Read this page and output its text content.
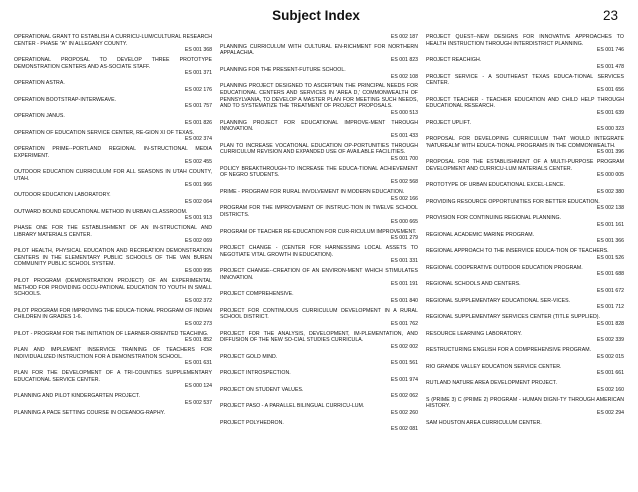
Subject Index	23
OPERATIONAL GRANT TO ESTABLISH A CURRICU-LUM/CULTURAL RESEARCH CENTER - PHASE "A" IN ALLEGANY COUNTY.
ES 001 368
OPERATIONAL PROPOSAL TO DEVELOP THREE PROTOTYPE DEMONSTRATION CENTERS AND AS-SOCIATE STAFF.
ES 001 371
OPERATION ASTRA.
ES 002 176
OPERATION BOOTSTRAP-INTERWEAVE.
ES 001 757
OPERATION JANUS.
ES 001 826
OPERATION OF EDUCATION SERVICE CENTER, RE-GION XI OF TEXAS.
ES 002 374
OPERATION PRIME--PORTLAND REGIONAL IN-STRUCTIONAL MEDIA EXPERIMENT.
ES 002 455
OUTDOOR EDUCATION CURRICULUM FOR ALL SEASONS IN UTAH COUNTY, UTAH.
ES 001 966
OUTDOOR EDUCATION LABORATORY.
ES 002 064
OUTWARD BOUND EDUCATIONAL METHOD IN URBAN CLASSROOM.
ES 001 913
PHASE ONE FOR THE ESTABLISHMENT OF AN IN-STRUCTIONAL AND LIBRARY MATERIALS CENTER.
ES 002 069
PILOT HEALTH, PHYSICAL EDUCATION AND RECREATION DEMONSTRATION CENTERS IN THE ELEMENTARY PUBLIC SCHOOLS OF THE VAN BUREN COMMUNITY PUBLIC SCHOOL SYSTEM.
ES 000 995
PILOT PROGRAM (DEMONSTRATION PROJECT) OF AN EXPERIMENTAL METHOD FOR PROVIDING OCCU-PATIONAL EDUCATION TO YOUTH IN SMALL SCHOOLS.
ES 002 372
PILOT PROGRAM FOR IMPROVING THE EDUCA-TIONAL PROGRAM OF INDIAN CHILDREN IN GRADES 1-6.
ES 002 273
PILOT - PROGRAM FOR THE INITIATION OF LEARNER-ORIENTED TEACHING.
ES 001 852
PLAN AND IMPLEMENT INSERVICE TRAINING OF TEACHERS FOR INDIVIDUALIZED INSTRUCTION FOR A DEMONSTRATION SCHOOL.
ES 001 631
PLAN FOR THE DEVELOPMENT OF A TRI-COUNTIES SUPPLEMENTARY EDUCATIONAL SERVICE CENTER.
ES 000 124
PLANNING AND PILOT KINDERGARTEN PROJECT.
ES 002 537
PLANNING A PACE SETTING COURSE IN OCEANOG-RAPHY.
ES 002 187
PLANNING CURRICULUM WITH CULTURAL EN-RICHMENT FOR NORTHERN APPALACHIA.
ES 001 823
PLANNING FOR THE PRESENT-FUTURE SCHOOL.
ES 002 108
PLANNING PROJECT DESIGNED TO ASCERTAIN THE PRINCIPAL NEEDS FOR EDUCATIONAL CENTERS AND SERVICES IN 'AREA D,' COMMONWEALTH OF PENNSYLVANIA, TO DEVELOP A MASTER PLAN FOR MEETING SUCH NEEDS, AND TO SYSTEMATIZE THE TREATMENT OF PROJECT PROPOSALS.
ES 000 513
PLANNING PROJECT FOR EDUCATIONAL IMPROVE-MENT THROUGH INNOVATION.
ES 001 433
PLAN TO INCREASE VOCATIONAL EDUCATION OP-PORTUNITIES THROUGH CURRICULUM REVISION AND EXPANDED USE OF AVAILABLE FACILITIES.
ES 001 700
POLICY BREAKTHROUGH-TO INCREASE THE EDUCA-TIONAL ACHIEVEMENT OF NEGRO STUDENTS.
ES 002 568
PRIME - PROGRAM FOR RURAL INVOLVEMENT IN MODERN EDUCATION.
ES 002 166
PROGRAM FOR THE IMPROVEMENT OF INSTRUC-TION IN TWELVE SCHOOL DISTRICTS.
ES 000 665
PROGRAM OF TEACHER RE-EDUCATION FOR CUR-RICULUM IMPROVEMENT.
ES 001 279
PROJECT CHANGE - (CENTER FOR HARNESSING LOCAL ASSETS TO NEGOTIATE VITAL GROWTH IN EDUCATION).
ES 001 331
PROJECT CHANGE--CREATION OF AN ENVIRON-MENT WHICH STIMULATES INNOVATION.
ES 001 191
PROJECT COMPREHENSIVE.
ES 001 840
PROJECT FOR CONTINUOUS CURRICULUM DEVELOPMENT IN A RURAL SCHOOL DISTRICT.
ES 001 762
PROJECT FOR THE ANALYSIS, DEVELOPMENT, IM-PLEMENTATION, AND DIFFUSION OF THE NEW SO-CIAL STUDIES CURRICULA.
ES 002 002
PROJECT GOLD MIND.
ES 001 561
PROJECT INTROSPECTION.
ES 001 974
PROJECT ON STUDENT VALUES.
ES 002 062
PROJECT PASO - A PARALLEL BILINGUAL CURRICU-LUM.
ES 002 260
PROJECT POLYHEDRON.
ES 002 081
PROJECT QUEST--NEW DESIGNS FOR INNOVATIVE APPROACHES TO HEALTH INSTRUCTION THROUGH INTERDISTRICT PLANNING.
ES 001 746
PROJECT REACHIGH.
ES 001 478
PROJECT SERVICE - A SOUTHEAST TEXAS EDUCA-TIONAL SERVICES CENTER.
ES 001 656
PROJECT TEACHER - TEACHER EDUCATION AND CHILD HELP THROUGH EDUCATIONAL RESEARCH.
ES 001 639
PROJECT UPLIFT.
ES 000 323
PROPOSAL FOR DEVELOPING CURRICULUM THAT WOULD INTEGRATE 'NATUREALM' WITH EDUCA-TIONAL PROGRAMS IN THE COMMONWEALTH.
ES 001 396
PROPOSAL FOR THE ESTABLISHMENT OF A MULTI-PURPOSE PROGRAM DEVELOPMENT AND CURRICU-LUM MATERIALS CENTER.
ES 000 005
PROTOTYPE OF URBAN EDUCATIONAL EXCEL-LENCE.
ES 002 380
PROVIDING RESOURCE OPPORTUNITIES FOR BETTER EDUCATION.
ES 002 138
PROVISION FOR CONTINUING REGIONAL PLANNING.
ES 001 161
REGIONAL ACADEMIC MARINE PROGRAM.
ES 001 366
REGIONAL APPROACH TO THE INSERVICE EDUCA-TION OF TEACHERS.
ES 001 526
REGIONAL COOPERATIVE OUTDOOR EDUCATION PROGRAM.
ES 001 688
REGIONAL SCHOOLS AND CENTERS.
ES 001 672
REGIONAL SUPPLEMENTARY EDUCATIONAL SER-VICES.
ES 001 712
REGIONAL SUPPLEMENTARY SERVICES CENTER (TITLE SUPPLIED).
ES 001 828
RESOURCE LEARNING LABORATORY.
ES 002 339
RESTRUCTURING ENGLISH FOR A COMPREHENSIVE PROGRAM.
ES 002 015
RIO GRANDE VALLEY EDUCATION SERVICE CENTER.
ES 001 661
RUTLAND NATURE AREA DEVELOPMENT PROJECT.
ES 002 160
S (PRIME 3) C (PRIME 2) PROGRAM - HUMAN DIGNI-TY THROUGH AMERICAN HISTORY.
ES 002 294
SAM HOUSTON AREA CURRICULUM CENTER.
